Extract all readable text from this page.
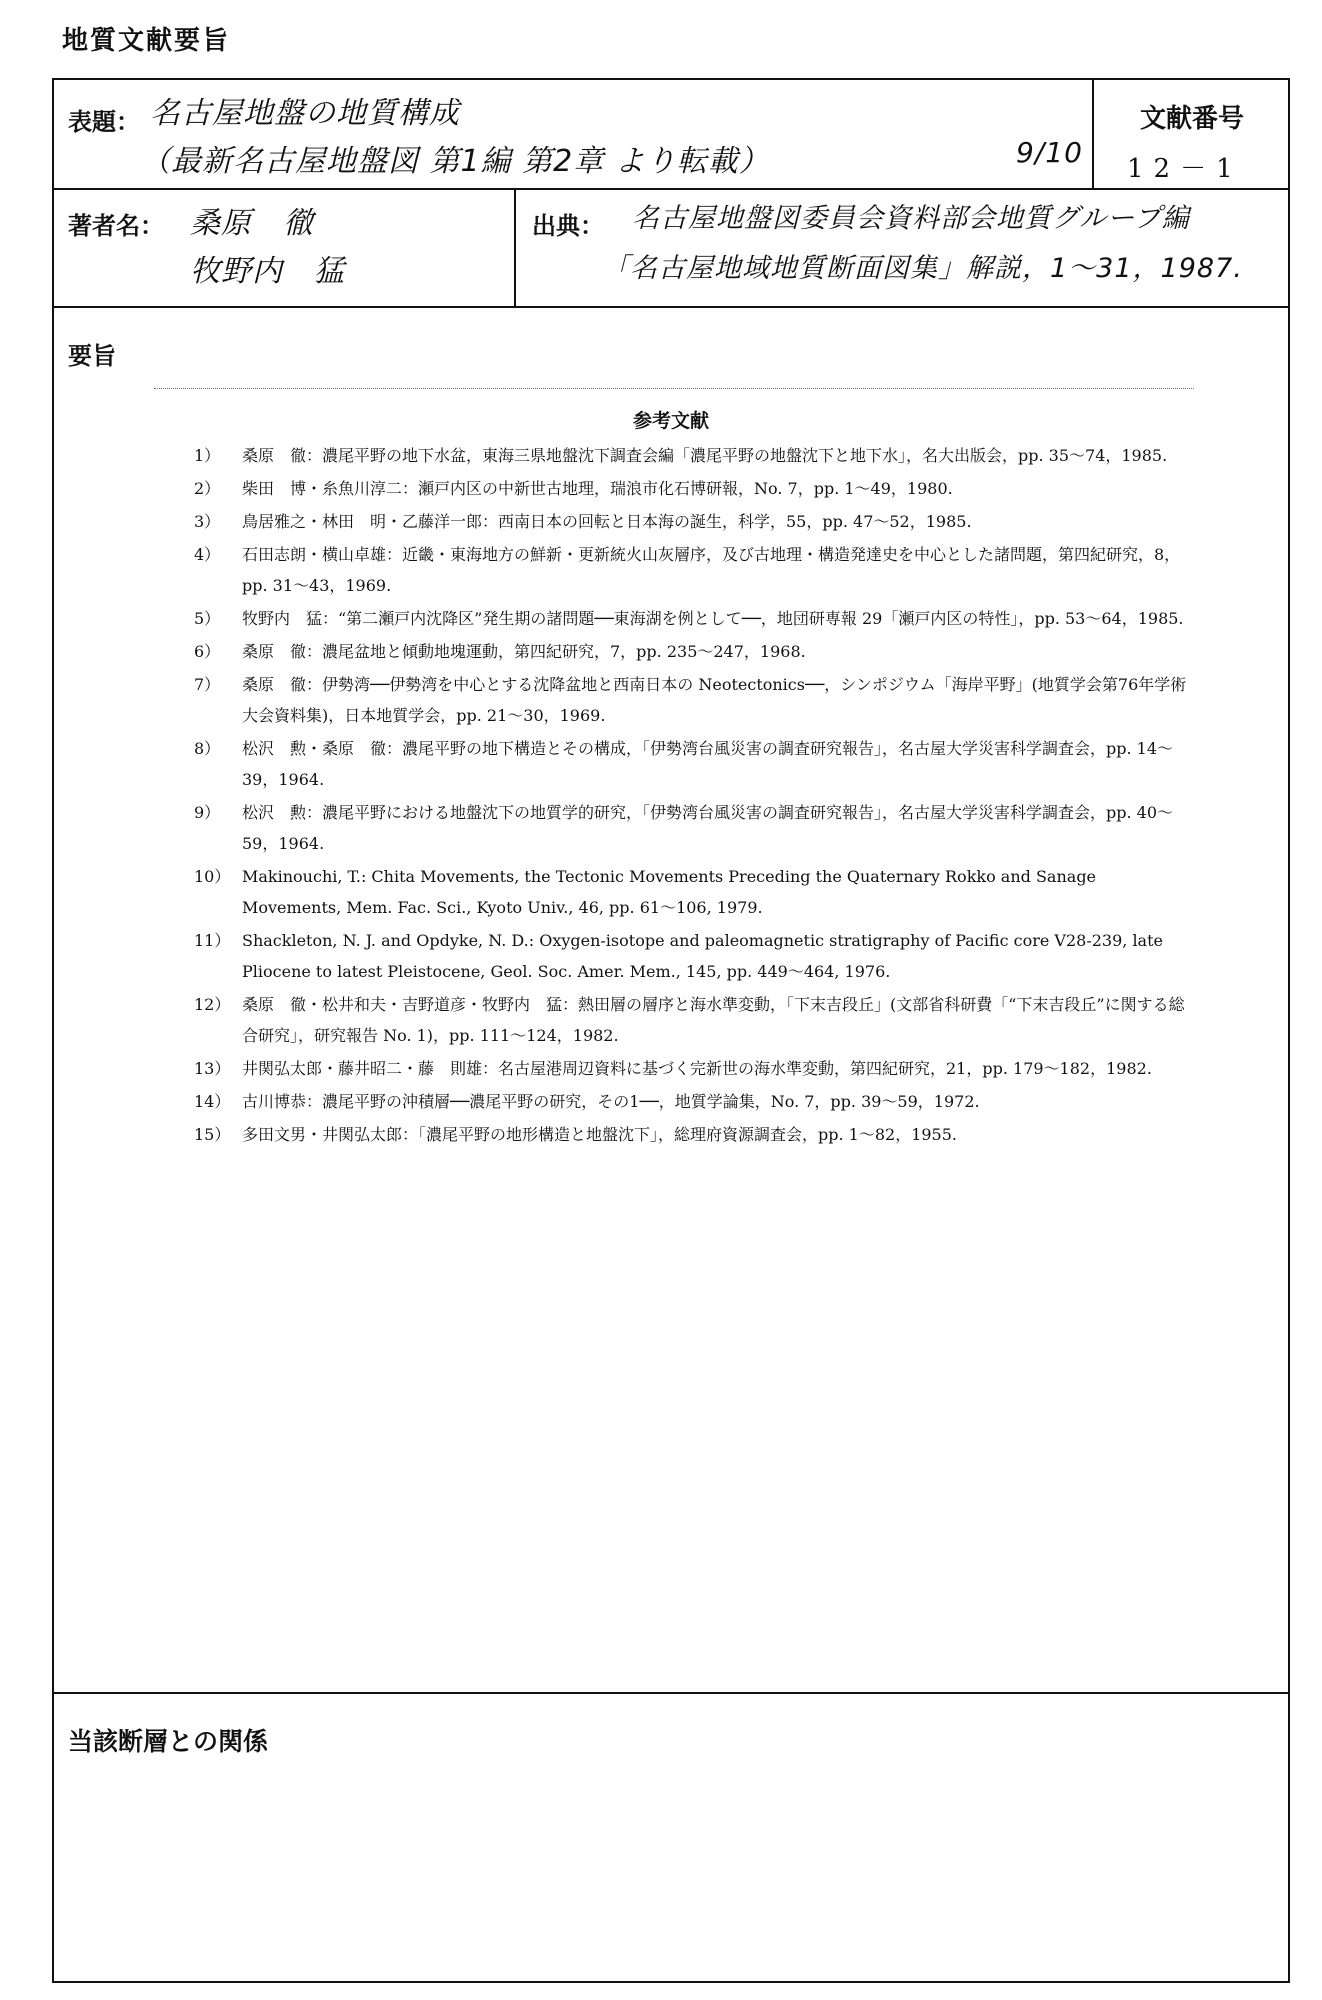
地質文献要旨
表題： 名古屋地盤の地質構成
（最新名古屋地盤図 第1編 第2章 より転載）	9/10
文献番号
12－1
著者名： 桑原　徹
牧野内　猛
出典： 名古屋地盤図委員会資料部会地質グループ編
「名古屋地域地質断面図集」解説，1～31，1987.
要旨
参考文献
1） 桑原　徹：濃尾平野の地下水盆，東海三県地盤沈下調査会編「濃尾平野の地盤沈下と地下水」，名大出版会，pp. 35～74，1985.
2） 柴田　博・糸魚川淳二：瀬戸内区の中新世古地理，瑞浪市化石博研報，No. 7，pp. 1～49，1980.
3） 鳥居雅之・林田　明・乙藤洋一郎：西南日本の回転と日本海の誕生，科学，55，pp. 47～52，1985.
4） 石田志朗・横山卓雄：近畿・東海地方の鮮新・更新統火山灰層序，及び古地理・構造発達史を中心とした諸問題，第四紀研究，8，pp. 31～43，1969.
5） 牧野内　猛：“第二瀬戸内沈降区”発生期の諸問題──東海湖を例として──，地団研専報 29「瀬戸内区の特性」，pp. 53～64，1985.
6） 桑原　徹：濃尾盆地と傾動地塊運動，第四紀研究，7，pp. 235～247，1968.
7） 桑原　徹：伊勢湾──伊勢湾を中心とする沈降盆地と西南日本の Neotectonics──，シンポジウム「海岸平野」(地質学会第76年学術大会資料集)，日本地質学会，pp. 21～30，1969.
8） 松沢　勲・桑原　徹：濃尾平野の地下構造とその構成，「伊勢湾台風災害の調査研究報告」，名古屋大学災害科学調査会，pp. 14～39，1964.
9） 松沢　勲：濃尾平野における地盤沈下の地質学的研究，「伊勢湾台風災害の調査研究報告」，名古屋大学災害科学調査会，pp. 40～59，1964.
10） Makinouchi, T.: Chita Movements, the Tectonic Movements Preceding the Quaternary Rokko and Sanage Movements, Mem. Fac. Sci., Kyoto Univ., 46, pp. 61～106, 1979.
11） Shackleton, N. J. and Opdyke, N. D.: Oxygen-isotope and paleomagnetic stratigraphy of Pacific core V28-239, late Pliocene to latest Pleistocene, Geol. Soc. Amer. Mem., 145, pp. 449～464, 1976.
12） 桑原　徹・松井和夫・吉野道彦・牧野内　猛：熱田層の層序と海水準変動，「下末吉段丘」(文部省科研費「“下末吉段丘”に関する総合研究」，研究報告 No. 1)，pp. 111～124，1982.
13） 井関弘太郎・藤井昭二・藤　則雄：名古屋港周辺資料に基づく完新世の海水準変動，第四紀研究，21，pp. 179～182，1982.
14） 古川博恭：濃尾平野の沖積層──濃尾平野の研究，その1──，地質学論集，No. 7，pp. 39～59，1972.
15） 多田文男・井関弘太郎：「濃尾平野の地形構造と地盤沈下」，総理府資源調査会，pp. 1～82，1955.
当該断層との関係
